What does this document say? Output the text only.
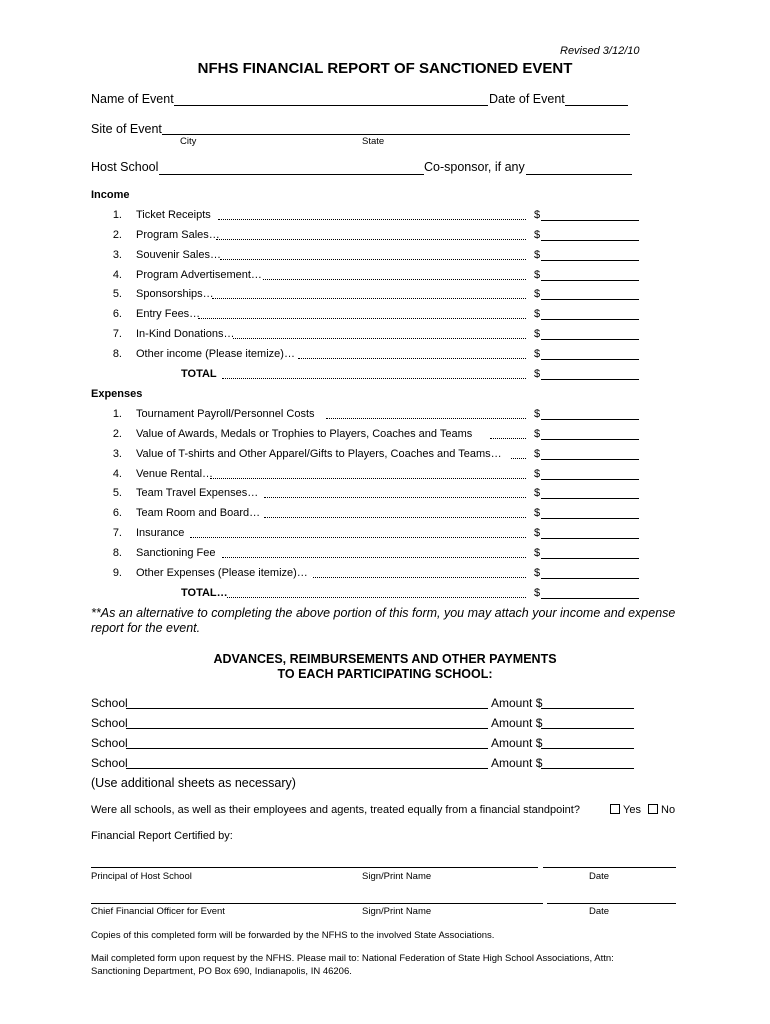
Revised 3/12/10
NFHS FINANCIAL REPORT OF SANCTIONED EVENT
Name of Event	Date of Event
Site of Event
City	State
Host School	Co-sponsor, if any
Income
1. Ticket Receipts	$
2. Program Sales…	$
3. Souvenir Sales…	$
4. Program Advertisement…	$
5. Sponsorships…	$
6. Entry Fees…	$
7. In-Kind Donations…	$
8. Other income (Please itemize)…	$
TOTAL	$
Expenses
1. Tournament Payroll/Personnel Costs	$
2. Value of Awards, Medals or Trophies to Players, Coaches and Teams	$
3. Value of T-shirts and Other Apparel/Gifts to Players, Coaches and Teams…	$
4. Venue Rental…	$
5. Team Travel Expenses…	$
6. Team Room and Board…	$
7. Insurance	$
8. Sanctioning Fee	$
9. Other Expenses (Please itemize)…	$
TOTAL…	$
**As an alternative to completing the above portion of this form, you may attach your income and expense report for the event.
ADVANCES, REIMBURSEMENTS AND OTHER PAYMENTS
TO EACH PARTICIPATING SCHOOL:
School	Amount $
School	Amount $
School	Amount $
School	Amount $
(Use additional sheets as necessary)
Were all schools, as well as their employees and agents, treated equally from a financial standpoint?	Yes	No
Financial Report Certified by:
Principal of Host School	Sign/Print Name	Date
Chief Financial Officer for Event	Sign/Print Name	Date
Copies of this completed form will be forwarded by the NFHS to the involved State Associations.
Mail completed form upon request by the NFHS. Please mail to: National Federation of State High School Associations, Attn:
Sanctioning Department, PO Box 690, Indianapolis, IN 46206.
